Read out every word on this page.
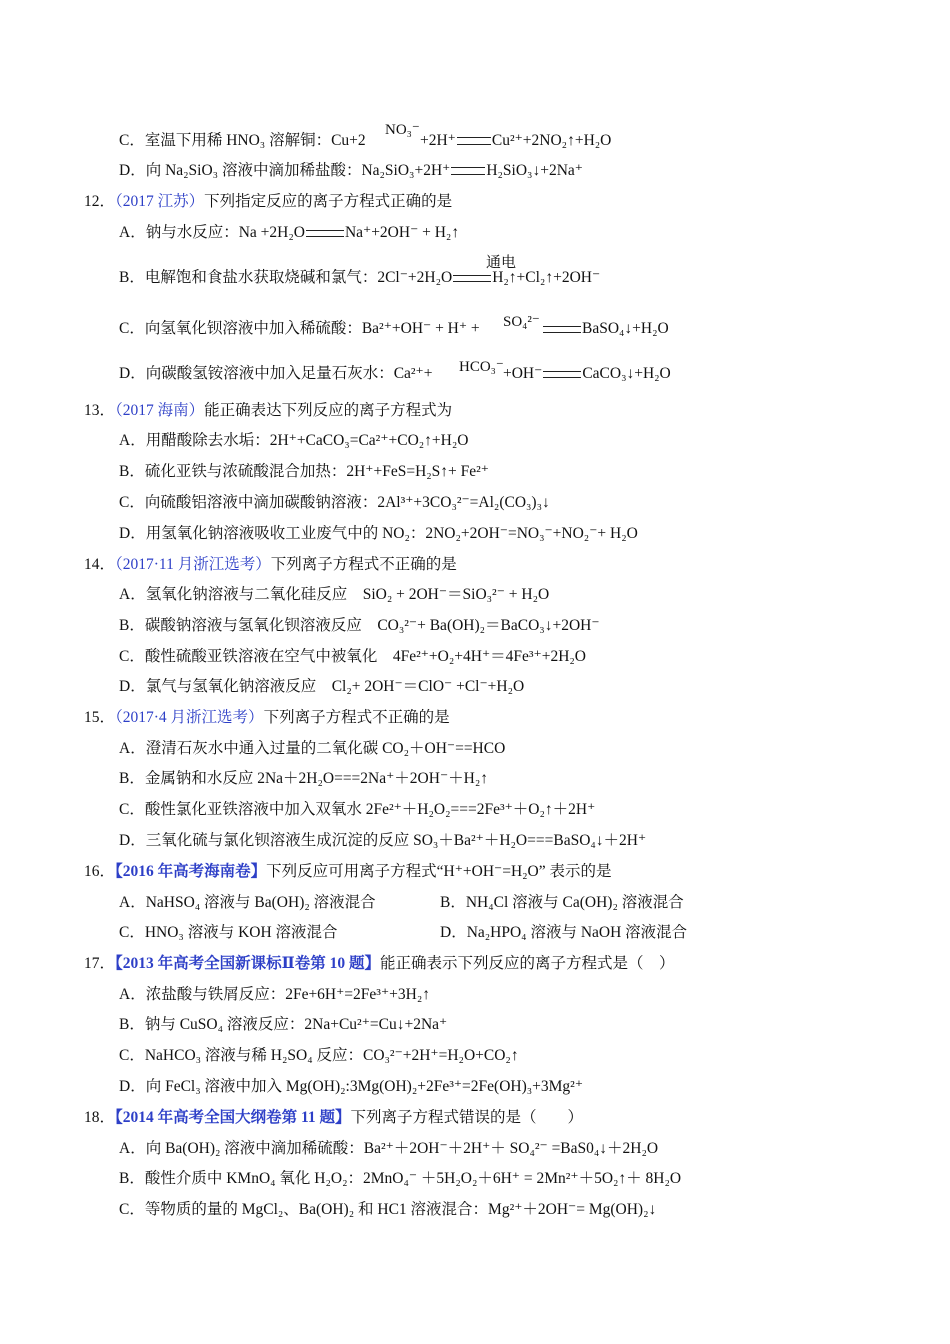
C．室温下用稀 HNO₃ 溶解铜：Cu+2
NO₃⁻
+2H⁺ Cu²⁺+2NO₂↑+H₂O
D．向 Na₂SiO₃ 溶液中滴加稀盐酸：Na₂SiO₃+2H⁺ H₂SiO₃↓+2Na⁺
12．（2017 江苏）下列指定反应的离子方程式正确的是
A．钠与水反应：Na +2H₂O	Na⁺+2OH⁻ + H₂↑
通电
B．电解饱和食盐水获取烧碱和氯气：2Cl⁻+2H₂O	H₂↑+Cl₂↑+2OH⁻
C．向氢氧化钡溶液中加入稀硫酸：Ba²⁺+OH⁻ + H⁺ + SO₄²⁻	BaSO₄↓+H₂O
D．向碳酸氢铵溶液中加入足量石灰水：Ca²⁺+ HCO₃⁻ +OH⁻	CaCO₃↓+H₂O
13．（2017 海南）能正确表达下列反应的离子方程式为
A．用醋酸除去水垢：2H⁺+CaCO₃=Ca²⁺+CO₂↑+H₂O
B．硫化亚铁与浓硫酸混合加热：2H⁺+FeS=H₂S↑+ Fe²⁺
C．向硫酸铝溶液中滴加碳酸钠溶液：2Al³⁺+3CO₃²⁻=Al₂(CO₃)₃↓
D．用氢氧化钠溶液吸收工业废气中的 NO₂：2NO₂+2OH⁻=NO₃⁻+NO₂⁻+ H₂O
14．（2017·11 月浙江选考）下列离子方程式不正确的是
A．氢氧化钠溶液与二氧化硅反应　SiO₂ + 2OH⁻＝SiO₃²⁻ + H₂O
B．碳酸钠溶液与氢氧化钡溶液反应　CO₃²⁻+ Ba(OH)₂＝BaCO₃↓+2OH⁻
C．酸性硫酸亚铁溶液在空气中被氧化　4Fe²⁺+O₂+4H⁺＝4Fe³⁺+2H₂O
D．氯气与氢氧化钠溶液反应　Cl₂+ 2OH⁻＝ClO⁻ +Cl⁻+H₂O
15．（2017·4 月浙江选考）下列离子方程式不正确的是
A．澄清石灰水中通入过量的二氧化碳 CO₂＋OH⁻==HCO
B．金属钠和水反应 2Na＋2H₂O===2Na⁺＋2OH⁻＋H₂↑
C．酸性氯化亚铁溶液中加入双氧水 2Fe²⁺＋H₂O₂===2Fe³⁺＋O₂↑＋2H⁺
D．三氧化硫与氯化钡溶液生成沉淀的反应 SO₃＋Ba²⁺＋H₂O===BaSO₄↓＋2H⁺
16．【2016 年高考海南卷】下列反应可用离子方程式“H⁺+OH⁻=H₂O” 表示的是
A．NaHSO₄ 溶液与 Ba(OH)₂ 溶液混合	B．NH₄Cl 溶液与 Ca(OH)₂ 溶液混合
C．HNO₃ 溶液与 KOH 溶液混合	D．Na₂HPO₄ 溶液与 NaOH 溶液混合
17．【2013 年高考全国新课标Ⅱ卷第 10 题】能正确表示下列反应的离子方程式是（　）
A．浓盐酸与铁屑反应：2Fe+6H⁺=2Fe³⁺+3H₂↑
B．钠与 CuSO₄ 溶液反应：2Na+Cu²⁺=Cu↓+2Na⁺
C．NaHCO₃ 溶液与稀 H₂SO₄ 反应：CO₃²⁻+2H⁺=H₂O+CO₂↑
D．向 FeCl₃ 溶液中加入 Mg(OH)₂:3Mg(OH)₂+2Fe³⁺=2Fe(OH)₃+3Mg²⁺
18．【2014 年高考全国大纲卷第 11 题】下列离子方程式错误的是（　　）
A．向 Ba(OH)₂ 溶液中滴加稀硫酸：Ba²⁺＋2OH⁻＋2H⁺＋ SO₄²⁻ =BaS0₄↓＋2H₂O
B．酸性介质中 KMnO₄ 氧化 H₂O₂：2MnO₄⁻ ＋5H₂O₂＋6H⁺ = 2Mn²⁺＋5O₂↑＋ 8H₂O
C．等物质的量的 MgCl₂、Ba(OH)₂ 和 HC1 溶液混合：Mg²⁺＋2OH⁻= Mg(OH)₂↓
